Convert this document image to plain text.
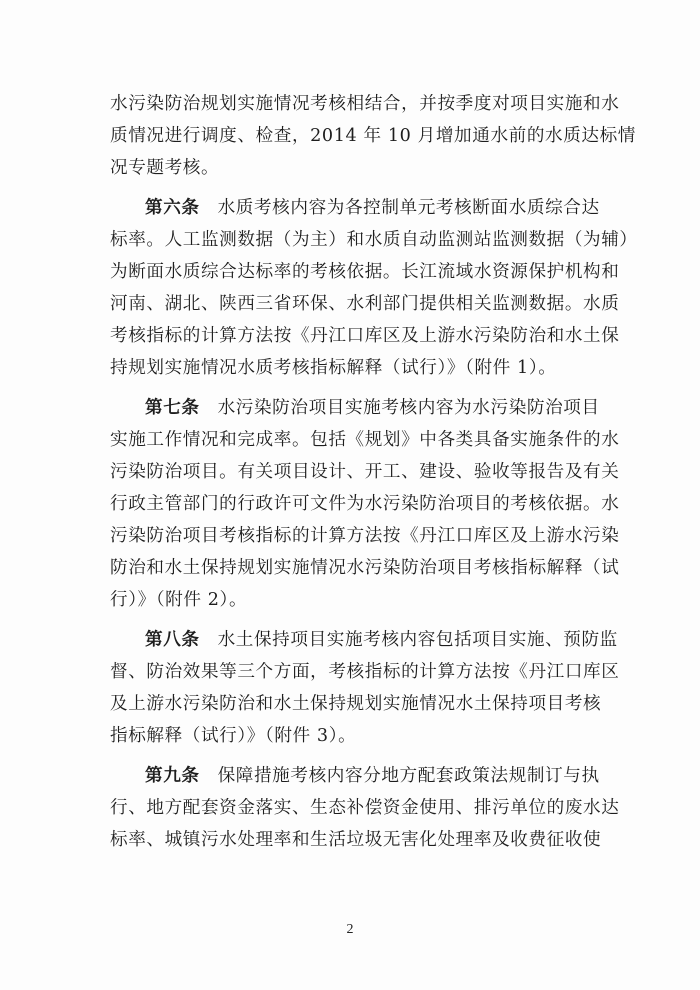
水污染防治规划实施情况考核相结合，并按季度对项目实施和水
质情况进行调度、检查，2014 年 10 月增加通水前的水质达标情
况专题考核。

第六条 水质考核内容为各控制单元考核断面水质综合达
标率。人工监测数据（为主）和水质自动监测站监测数据（为辅）
为断面水质综合达标率的考核依据。长江流域水资源保护机构和
河南、湖北、陕西三省环保、水利部门提供相关监测数据。水质
考核指标的计算方法按《丹江口库区及上游水污染防治和水土保
持规划实施情况水质考核指标解释（试行）》（附件 1）。

第七条 水污染防治项目实施考核内容为水污染防治项目
实施工作情况和完成率。包括《规划》中各类具备实施条件的水
污染防治项目。有关项目设计、开工、建设、验收等报告及有关
行政主管部门的行政许可文件为水污染防治项目的考核依据。水
污染防治项目考核指标的计算方法按《丹江口库区及上游水污染
防治和水土保持规划实施情况水污染防治项目考核指标解释（试
行）》（附件 2）。

第八条 水土保持项目实施考核内容包括项目实施、预防监
督、防治效果等三个方面，考核指标的计算方法按《丹江口库区
及上游水污染防治和水土保持规划实施情况水土保持项目考核
指标解释（试行）》（附件 3）。

第九条 保障措施考核内容分地方配套政策法规制订与执
行、地方配套资金落实、生态补偿资金使用、排污单位的废水达
标率、城镇污水处理率和生活垃圾无害化处理率及收费征收使

2
